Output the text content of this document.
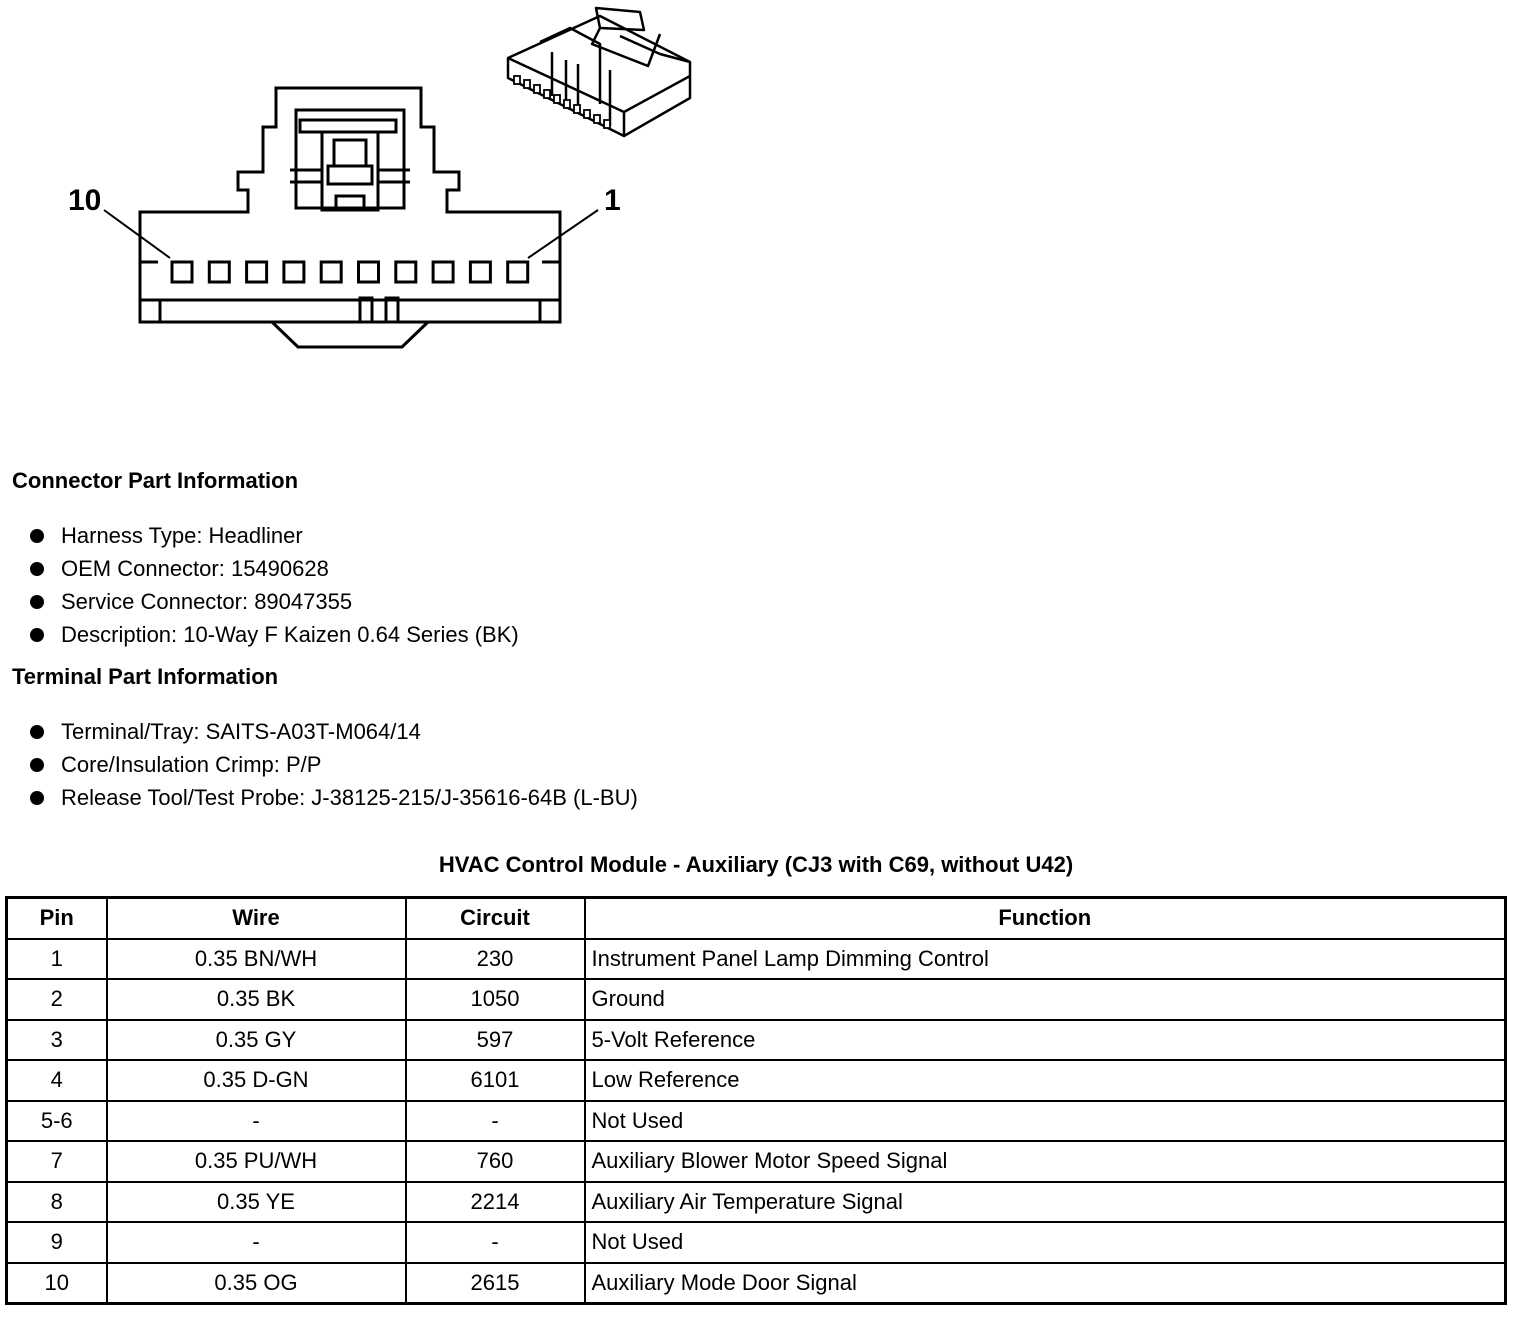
10	1
Connector Part Information
Harness Type: Headliner
OEM Connector: 15490628
Service Connector: 89047355
Description: 10-Way F Kaizen 0.64 Series (BK)
Terminal Part Information
Terminal/Tray: SAITS-A03T-M064/14
Core/Insulation Crimp: P/P
Release Tool/Test Probe: J-38125-215/J-35616-64B (L-BU)
HVAC Control Module - Auxiliary (CJ3 with C69, without U42)
Pin	Wire	Circuit	Function
1	0.35 BN/WH	230	Instrument Panel Lamp Dimming Control
2	0.35 BK	1050	Ground
3	0.35 GY	597	5-Volt Reference
4	0.35 D-GN	6101	Low Reference
5-6	-	-	Not Used
7	0.35 PU/WH	760	Auxiliary Blower Motor Speed Signal
8	0.35 YE	2214	Auxiliary Air Temperature Signal
9	-	-	Not Used
10	0.35 OG	2615	Auxiliary Mode Door Signal
